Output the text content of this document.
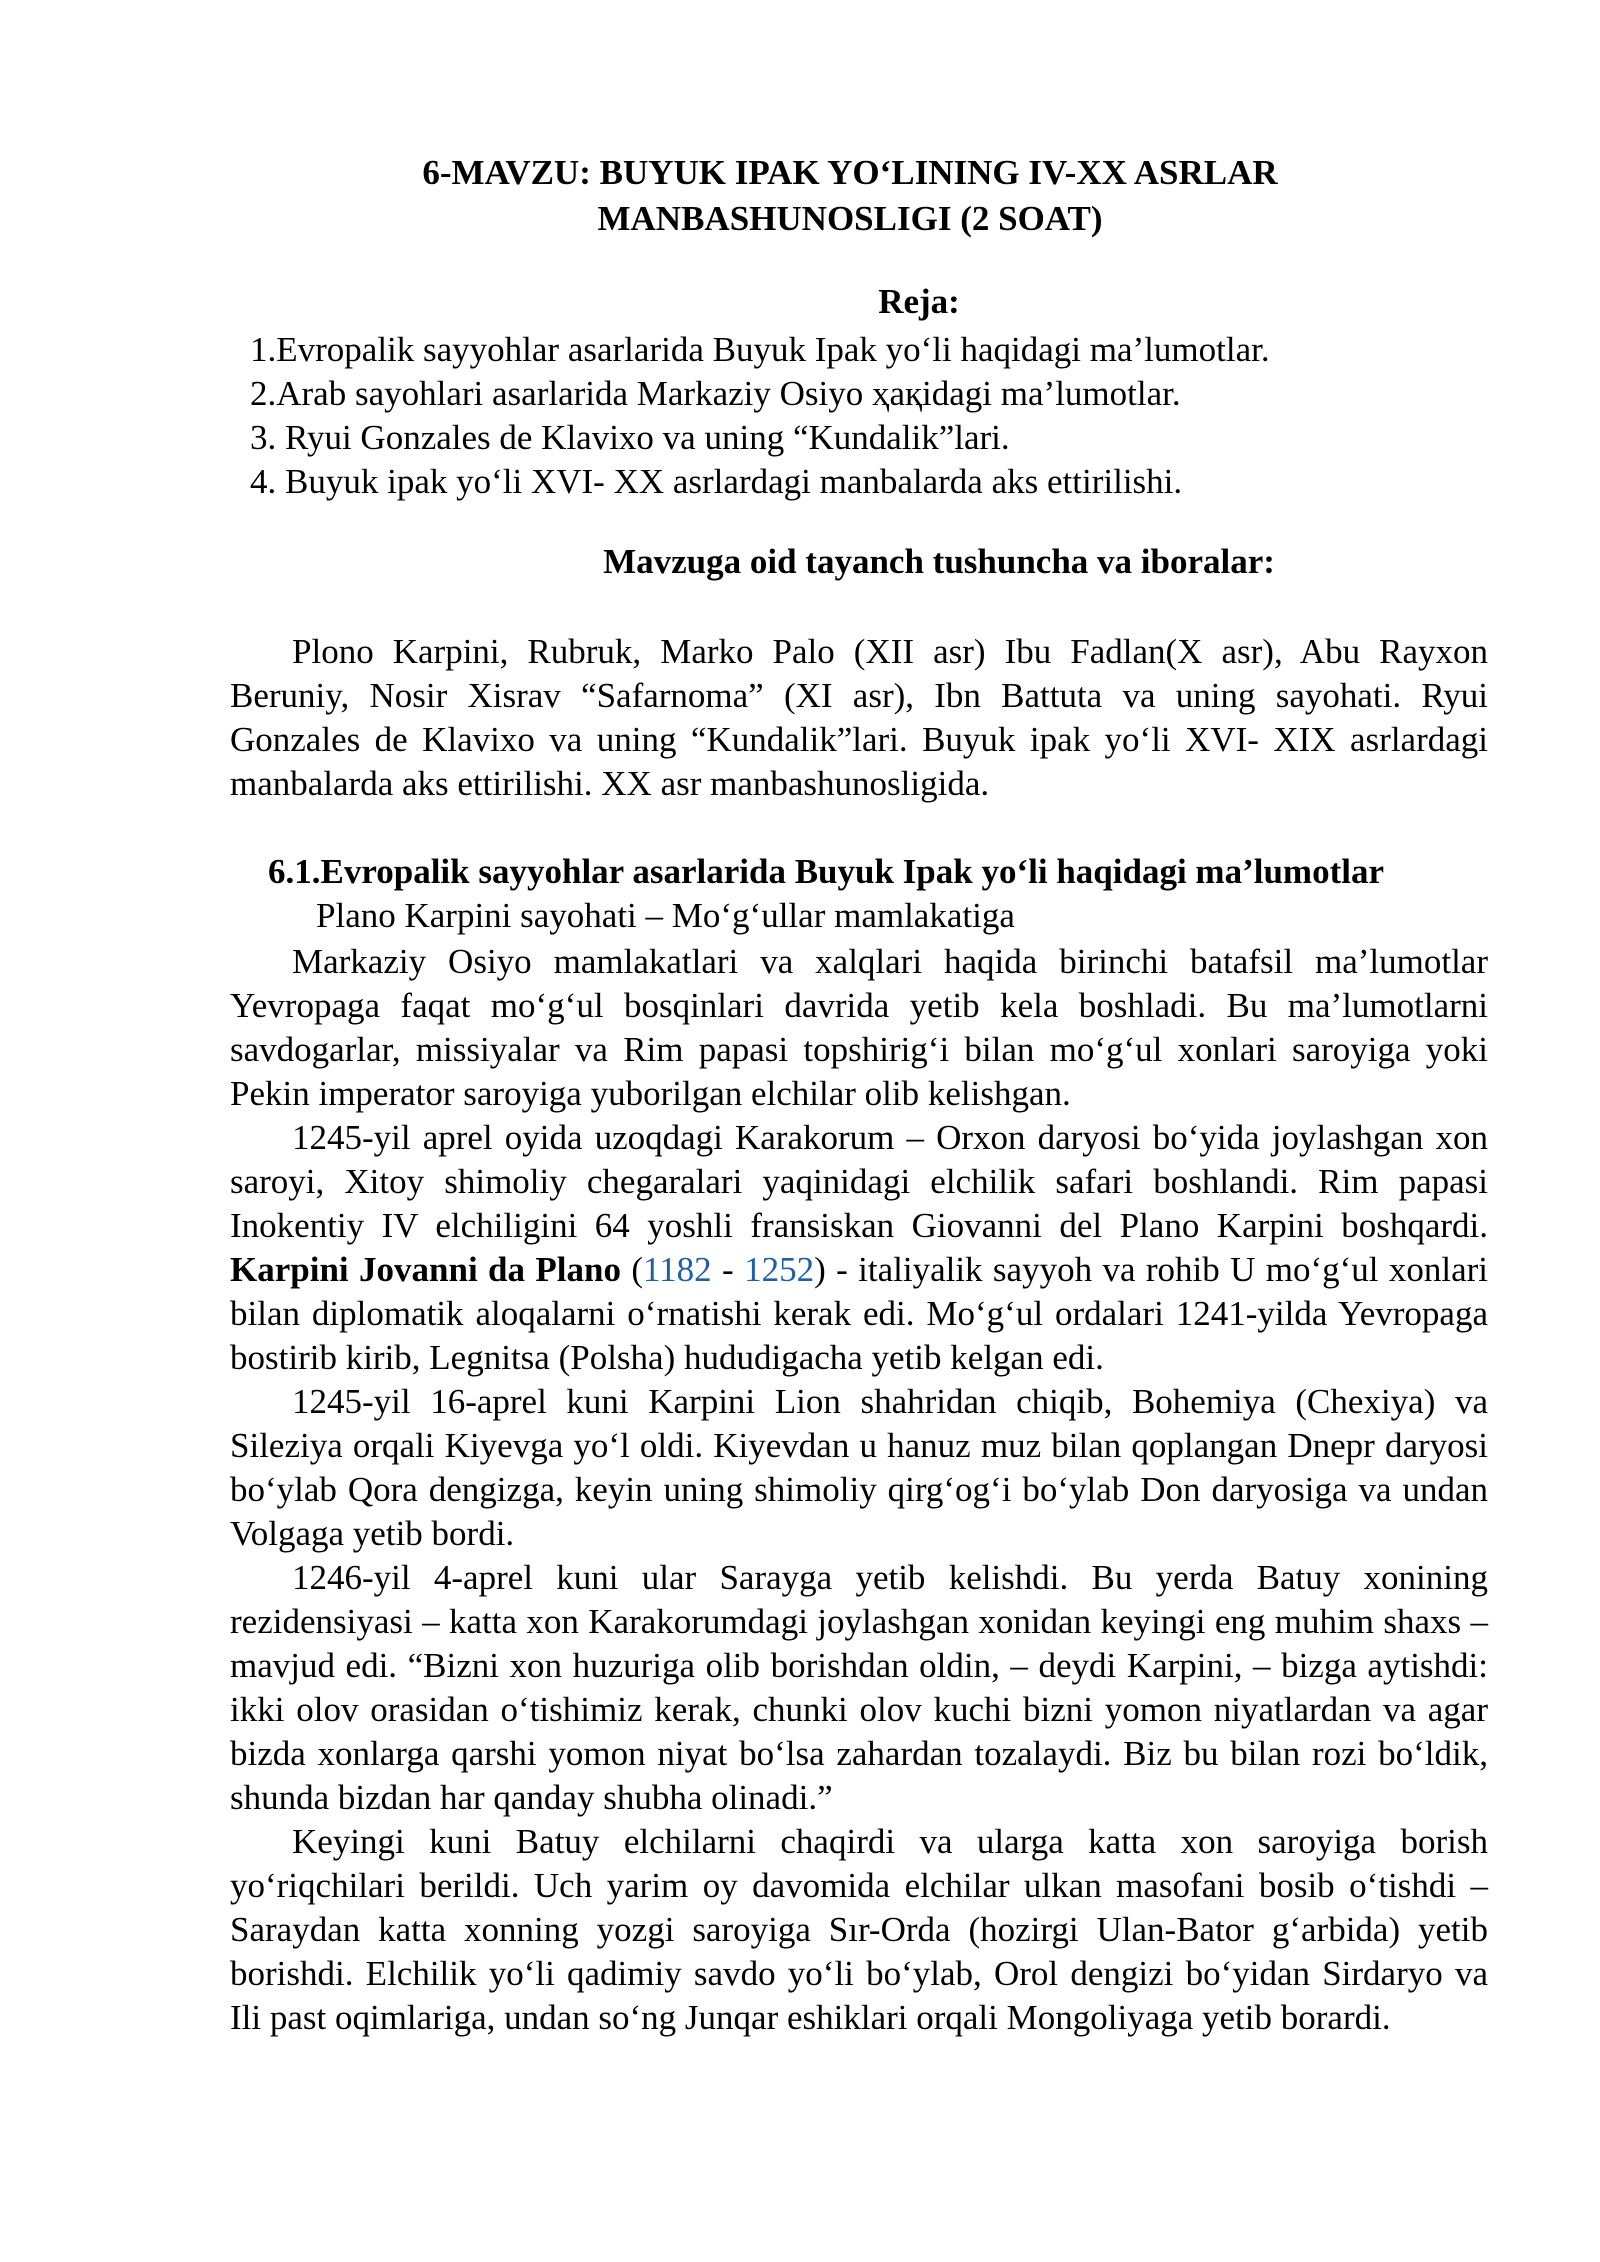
6-MAVZU: BUYUK IPAK YO‘LINING IV-XX ASRLAR
MANBASHUNOSLIGI (2 SOAT)
Reja:
1.Evropalik sayyohlar asarlarida Buyuk Ipak yo‘li haqidagi ma’lumotlar.
2.Arab sayohlari asarlarida Markaziy Osiyo ҳақidagi ma’lumotlar.
3. Ryui Gonzales de Klavixo va uning “Kundalik”lari.
4. Buyuk ipak yo‘li XVI- XX asrlardagi manbalarda aks ettirilishi.
Mavzuga oid tayanch tushuncha va iboralar:

Plono Karpini, Rubruk, Marko Palo (XII asr) Ibu Fadlan(X asr), Abu Rayxon Beruniy, Nosir Xisrav “Safarnoma” (XI asr), Ibn Battuta va uning sayohati. Ryui Gonzales de Klavixo va uning “Kundalik”lari. Buyuk ipak yo‘li XVI- XIX asrlardagi manbalarda aks ettirilishi. XX asr manbashunosligida.

6.1.Evropalik sayyohlar asarlarida Buyuk Ipak yo‘li haqidagi ma’lumotlar
Plano Karpini sayohati – Mo‘g‘ullar mamlakatiga

Markaziy Osiyo mamlakatlari va xalqlari haqida birinchi batafsil ma’lumotlar Yevropaga faqat mo‘g‘ul bosqinlari davrida yetib kela boshladi. Bu ma’lumotlarni savdogarlar, missiyalar va Rim papasi topshirig‘i bilan mo‘g‘ul xonlari saroyiga yoki Pekin imperator saroyiga yuborilgan elchilar olib kelishgan.

1245-yil aprel oyida uzoqdagi Karakorum – Orxon daryosi bo‘yida joylashgan xon saroyi, Xitoy shimoliy chegaralari yaqinidagi elchilik safari boshlandi. Rim papasi Inokentiy IV elchiligini 64 yoshli fransiskan Giovanni del Plano Karpini boshqardi. Karpini Jovanni da Plano (1182 - 1252) - italiyalik sayyoh va rohib U mo‘g‘ul xonlari bilan diplomatik aloqalarni o‘rnatishi kerak edi. Mo‘g‘ul ordalari 1241-yilda Yevropaga bostirib kirib, Legnitsa (Polsha) hududigacha yetib kelgan edi.

1245-yil 16-aprel kuni Karpini Lion shahridan chiqib, Bohemiya (Chexiya) va Sileziya orqali Kiyevga yo‘l oldi. Kiyevdan u hanuz muz bilan qoplangan Dnepr daryosi bo‘ylab Qora dengizga, keyin uning shimoliy qirg‘og‘i bo‘ylab Don daryosiga va undan Volgaga yetib bordi.

1246-yil 4-aprel kuni ular Sarayga yetib kelishdi. Bu yerda Batuy xonining rezidensiyasi – katta xon Karakorumdagi joylashgan xonidan keyingi eng muhim shaxs – mavjud edi. “Bizni xon huzuriga olib borishdan oldin, – deydi Karpini, – bizga aytishdi: ikki olov orasidan o‘tishimiz kerak, chunki olov kuchi bizni yomon niyatlardan va agar bizda xonlarga qarshi yomon niyat bo‘lsa zahardan tozalaydi. Biz bu bilan rozi bo‘ldik, shunda bizdan har qanday shubha olinadi.”

Keyingi kuni Batuy elchilarni chaqirdi va ularga katta xon saroyiga borish yo‘riqchilari berildi. Uch yarim oy davomida elchilar ulkan masofani bosib o‘tishdi – Saraydan katta xonning yozgi saroyiga Sır-Orda (hozirgi Ulan-Bator g‘arbida) yetib borishdi. Elchilik yo‘li qadimiy savdo yo‘li bo‘ylab, Orol dengizi bo‘yidan Sirdaryo va Ili past oqimlariga, undan so‘ng Junqar eshiklari orqali Mongoliyaga yetib borardi.
